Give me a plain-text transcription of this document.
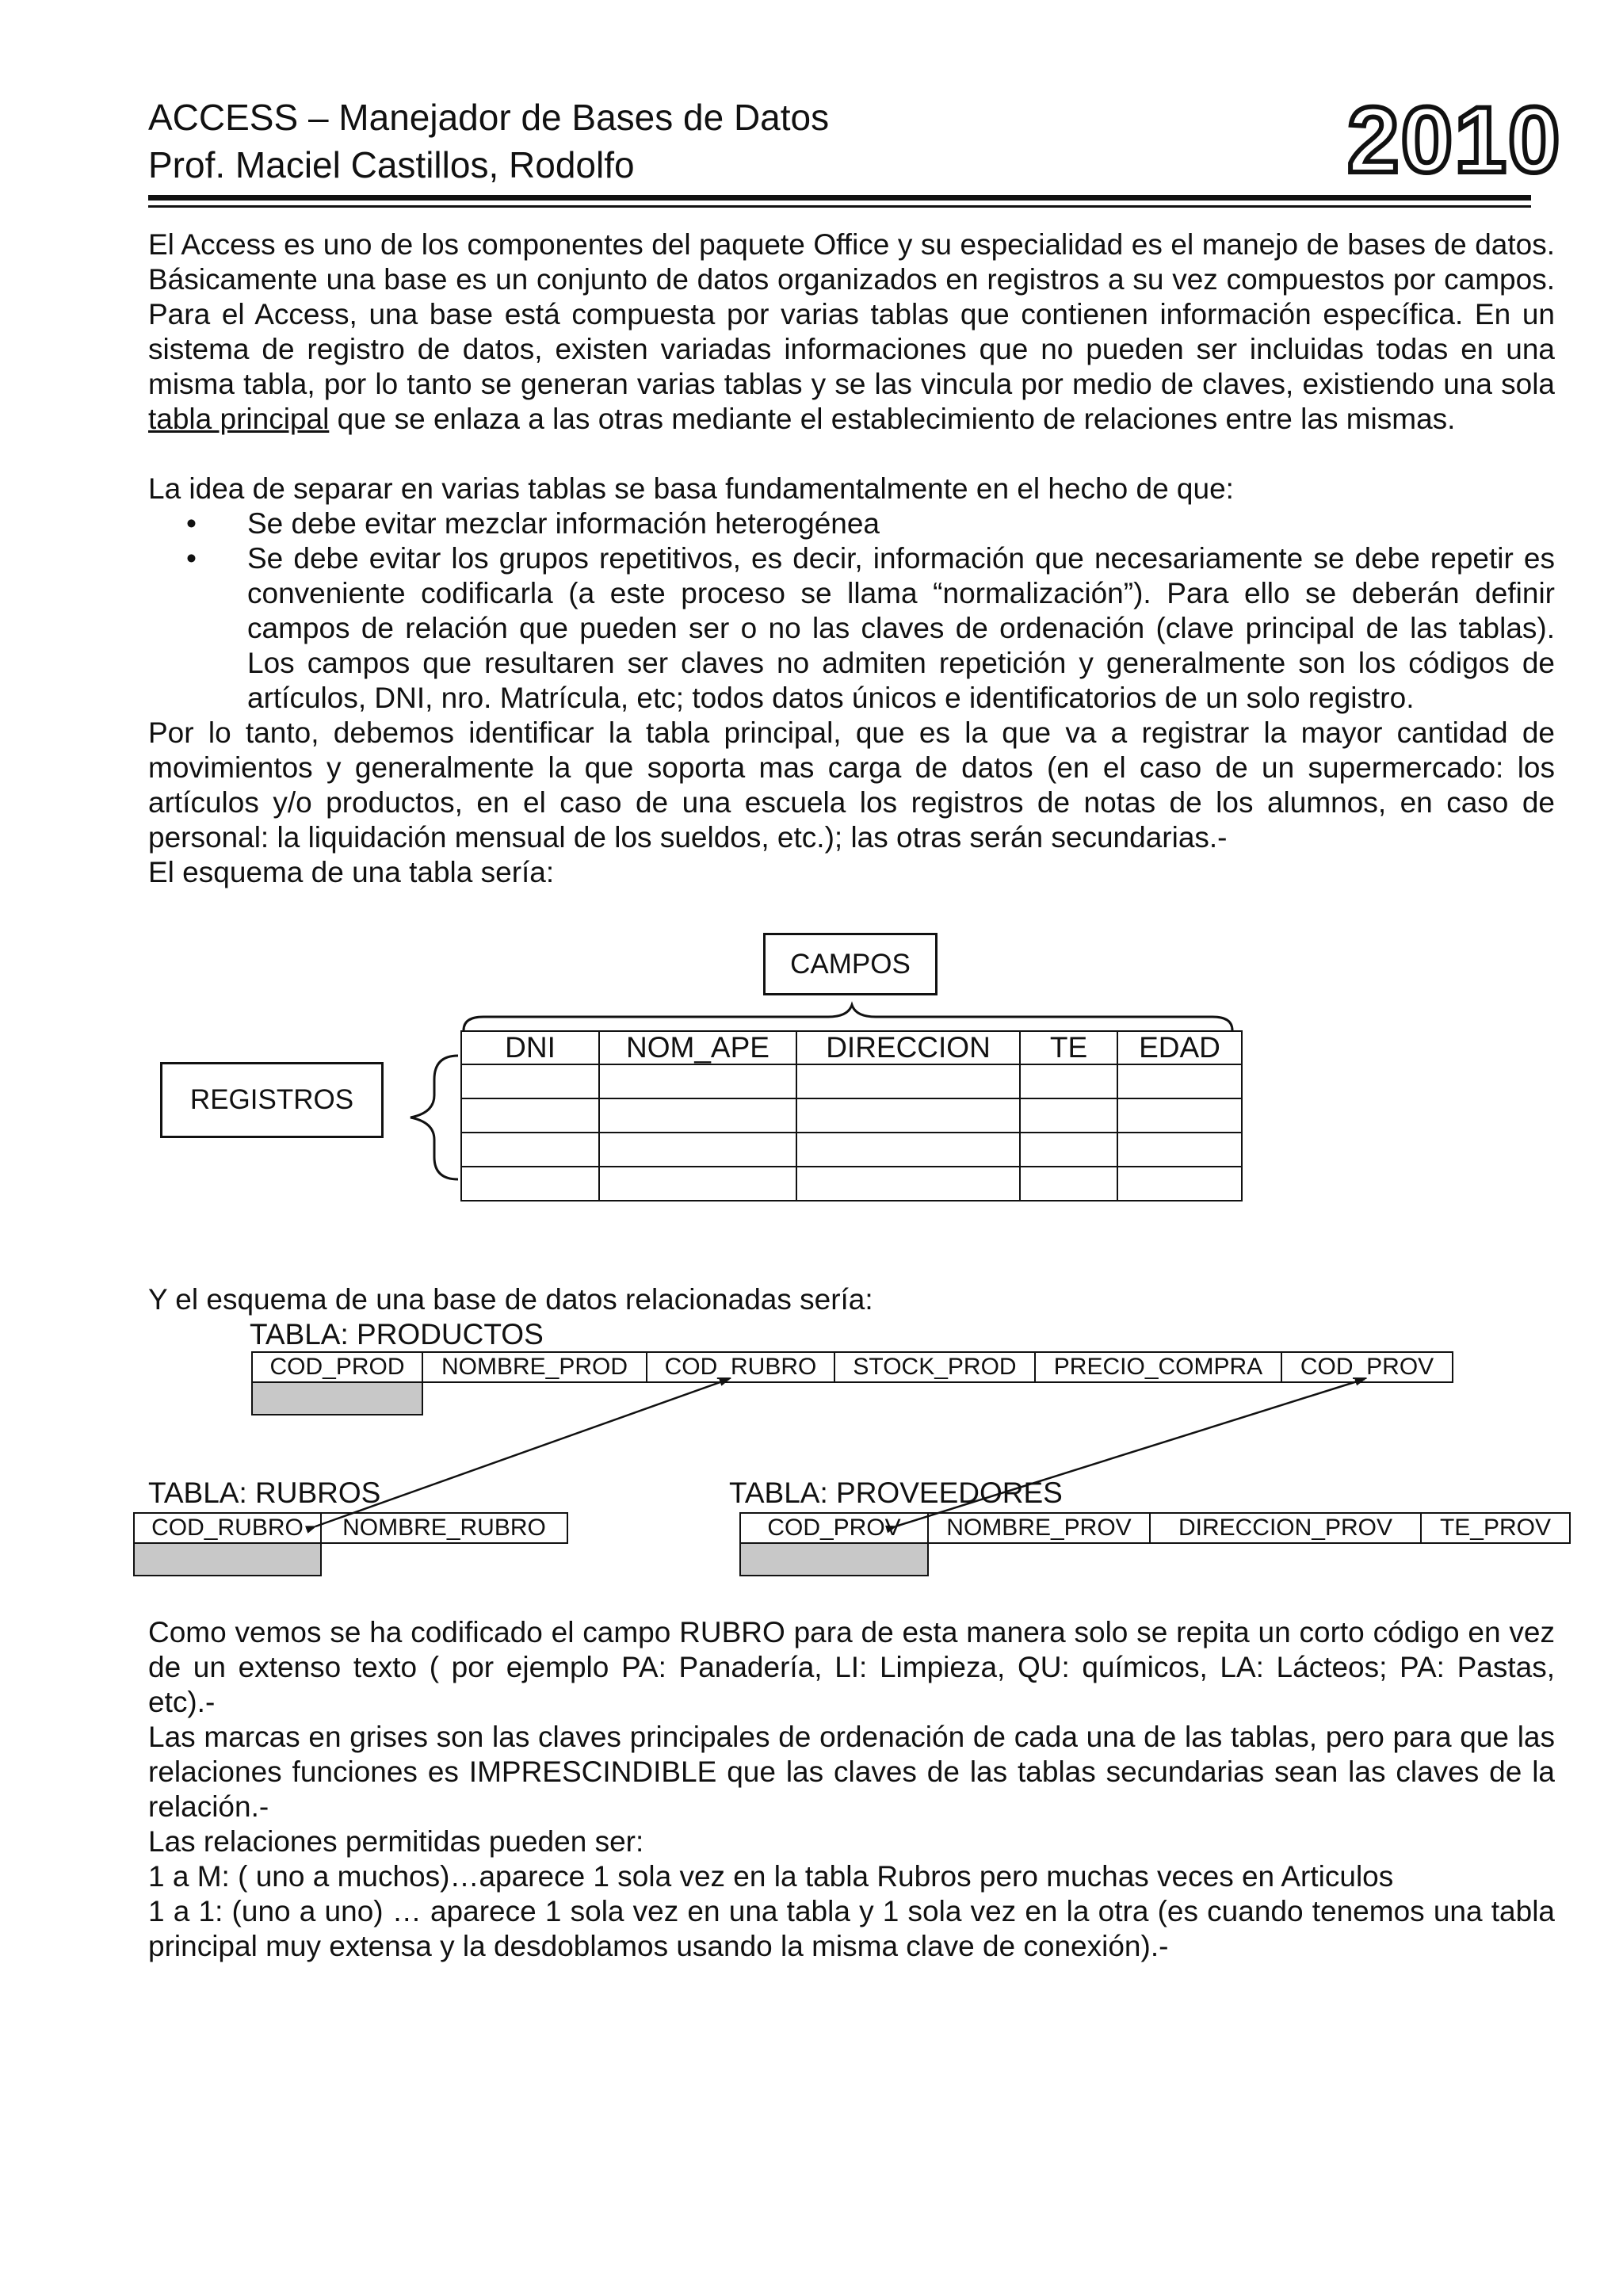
ACCESS – Manejador de Bases de Datos
Prof. Maciel Castillos, Rodolfo	2010

El Access es uno de los componentes del paquete Office y su especialidad es el manejo de bases de datos. Básicamente una base es un conjunto de datos organizados en registros a su vez compuestos por campos. Para el Access, una base está compuesta por varias tablas que contienen información específica. En un sistema de registro de datos, existen variadas informaciones que no pueden ser incluidas todas en una misma tabla, por lo tanto se generan varias tablas y se las vincula por medio de claves, existiendo una sola tabla principal que se enlaza a las otras mediante el establecimiento de relaciones entre las mismas.

La idea de separar en varias tablas se basa fundamentalmente en el hecho de que:

• Se debe evitar mezclar información heterogénea
• Se debe evitar los grupos repetitivos, es decir, información que necesariamente se debe repetir es conveniente codificarla (a este proceso se llama “normalización”). Para ello se deberán definir campos de relación que pueden ser o no las claves de ordenación (clave principal de las tablas). Los campos que resultaren ser claves no admiten repetición y generalmente son los códigos de artículos, DNI, nro. Matrícula, etc; todos datos únicos e identificatorios de un solo registro.

Por lo tanto, debemos identificar la tabla principal, que es la que va a registrar la mayor cantidad de movimientos y generalmente la que soporta mas carga de datos (en el caso de un supermercado: los artículos y/o productos, en el caso de una escuela los registros de notas de los alumnos, en caso de personal: la liquidación mensual de los sueldos, etc.); las otras serán secundarias.-

El esquema de una tabla sería:

CAMPOS
REGISTROS
DNI	NOM_APE	DIRECCION	TE	EDAD

Y el esquema de una base de datos relacionadas sería:

TABLA: PRODUCTOS
COD_PROD	NOMBRE_PROD	COD_RUBRO	STOCK_PROD	PRECIO_COMPRA	COD_PROV

TABLA: RUBROS
COD_RUBRO	NOMBRE_RUBRO

TABLA: PROVEEDORES
COD_PROV	NOMBRE_PROV	DIRECCION_PROV	TE_PROV

Como vemos se ha codificado el campo RUBRO para de esta manera solo se repita un corto código en vez de un extenso texto ( por ejemplo PA: Panadería, LI: Limpieza, QU: químicos, LA: Lácteos; PA: Pastas, etc).-

Las marcas en grises son las claves principales de ordenación de cada una de las tablas, pero para que las relaciones funciones es IMPRESCINDIBLE que las claves de las tablas secundarias sean las claves de la relación.-

Las relaciones permitidas pueden ser:

1 a M: ( uno a muchos)…aparece 1 sola vez en la tabla Rubros pero muchas veces en Articulos

1 a 1: (uno a uno) … aparece 1 sola vez en una tabla y 1 sola vez en la otra (es cuando tenemos una tabla principal muy extensa y la desdoblamos usando la misma clave de conexión).-
